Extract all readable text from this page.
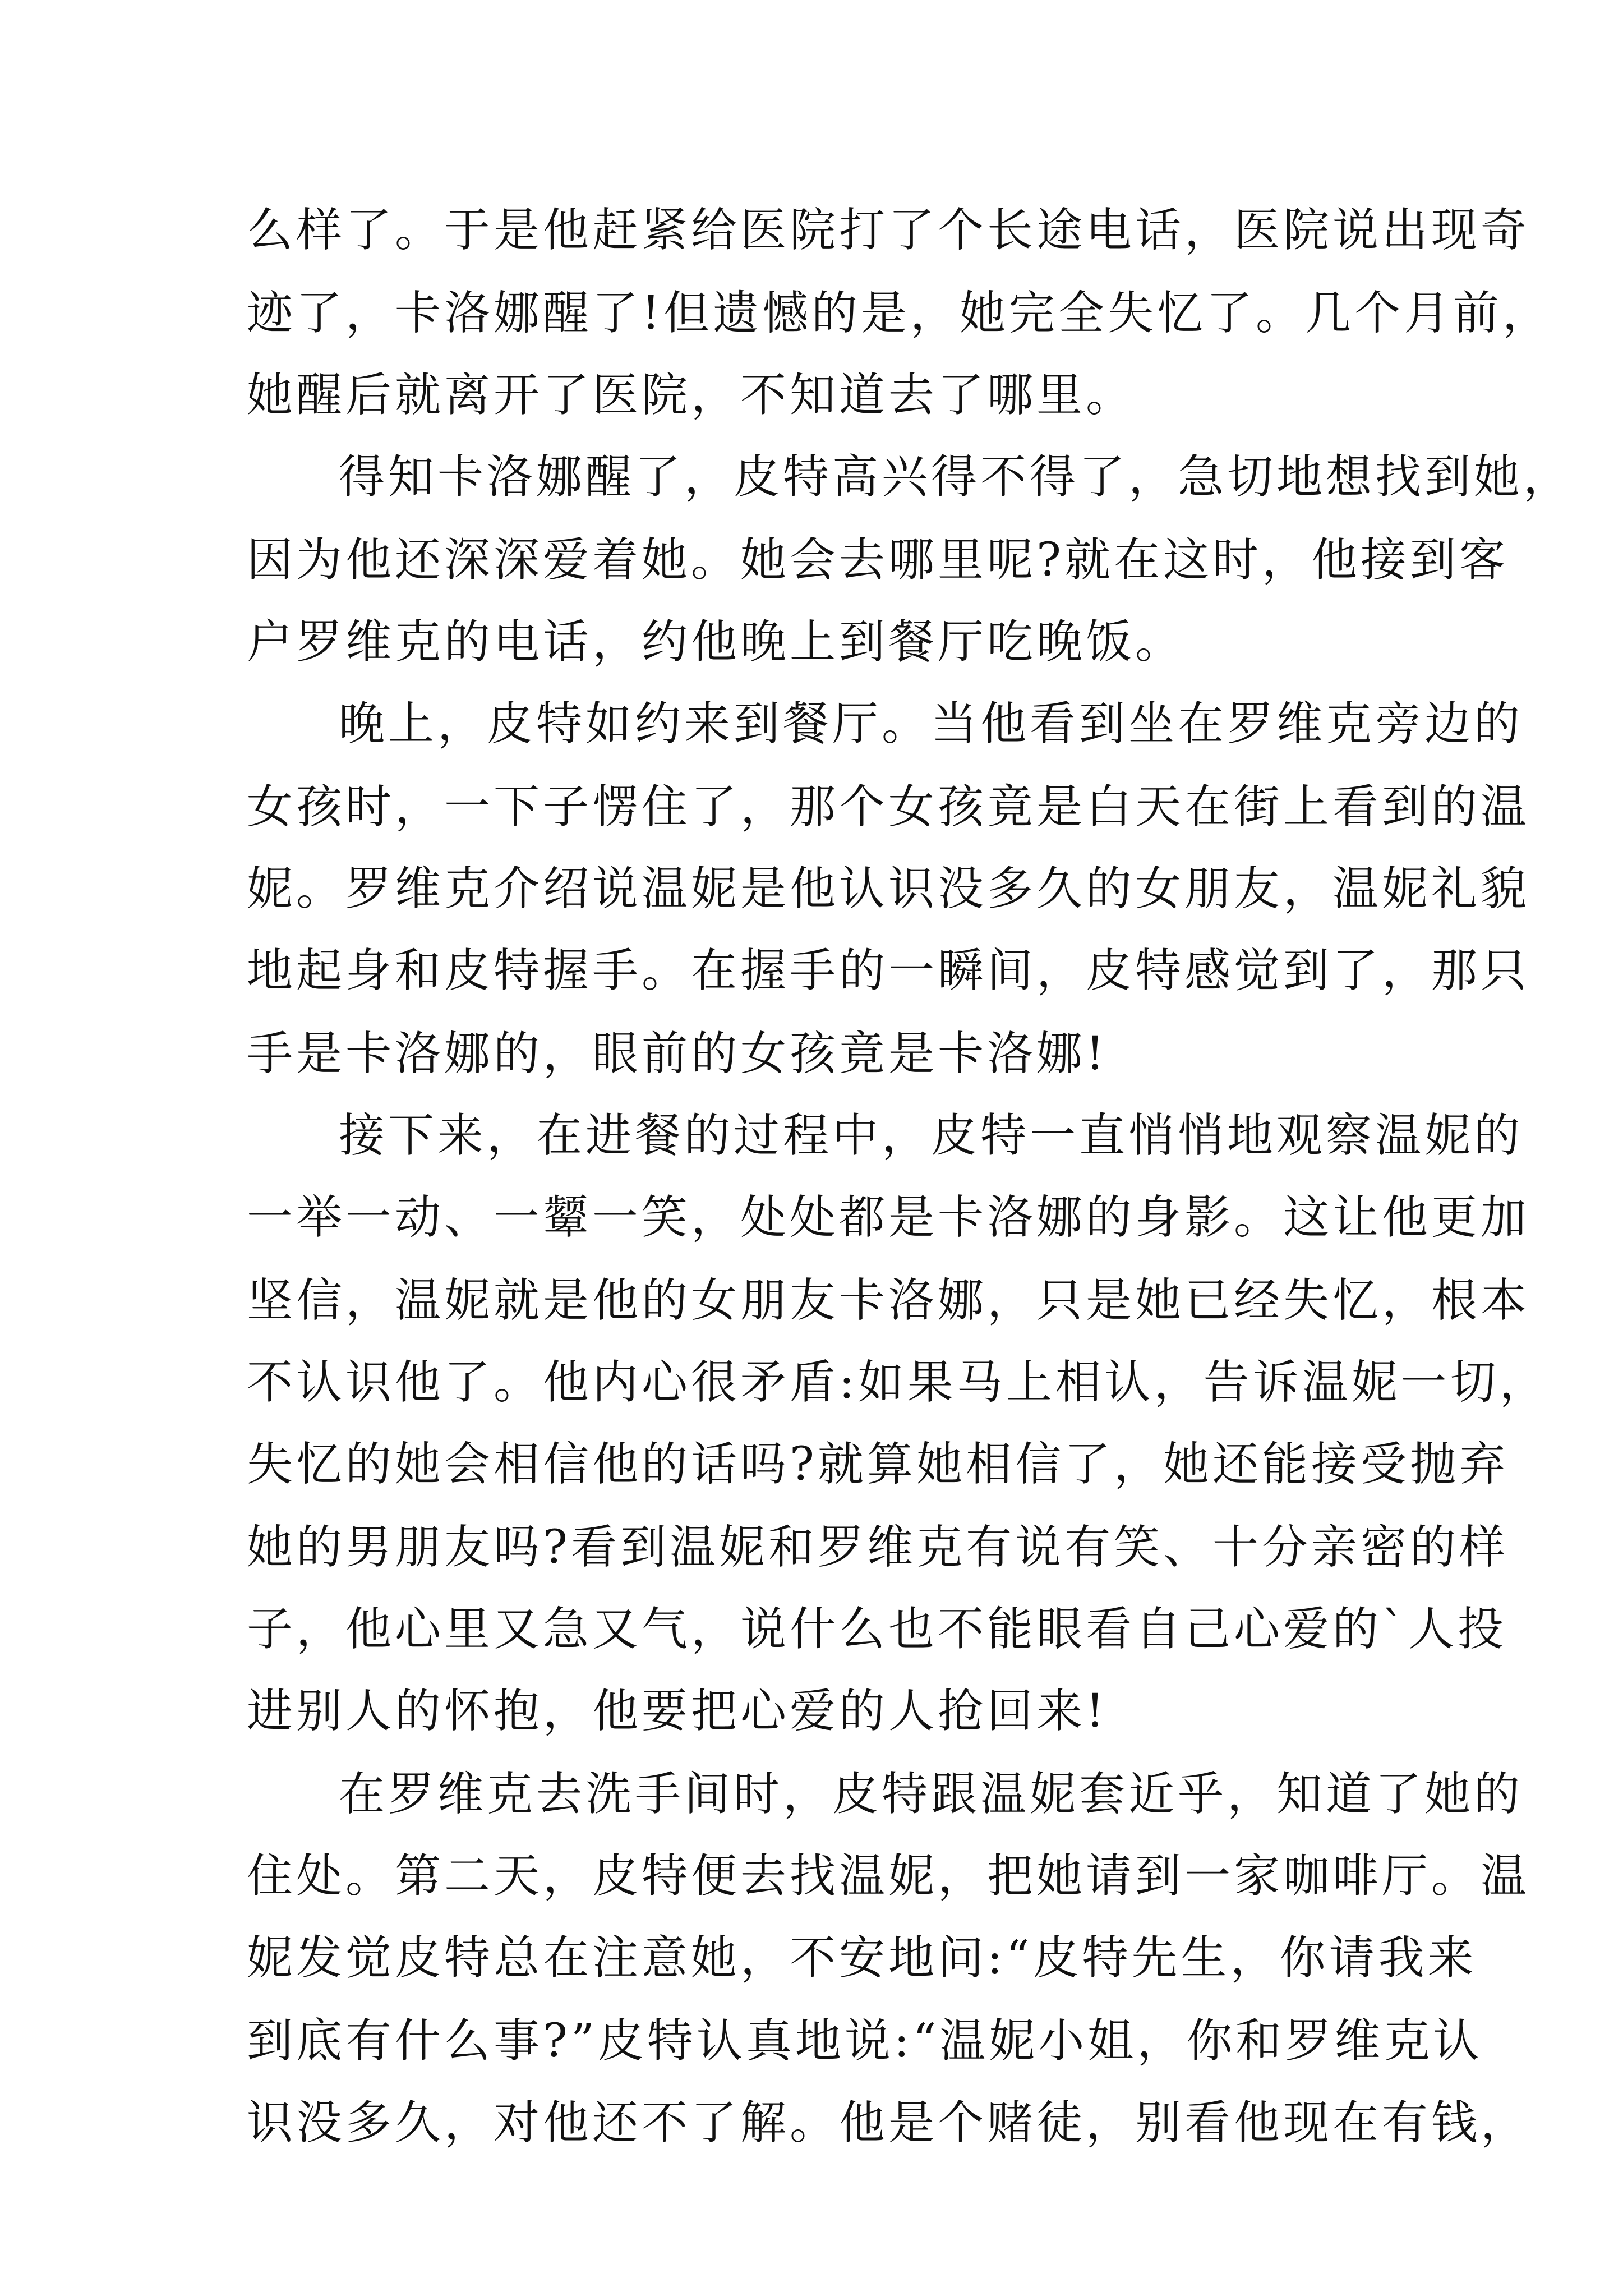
么样了。于是他赶紧给医院打了个长途电话，医院说出现奇
迹了，卡洛娜醒了!但遗憾的是，她完全失忆了。几个月前，
她醒后就离开了医院，不知道去了哪里。
得知卡洛娜醒了，皮特高兴得不得了，急切地想找到她，
因为他还深深爱着她。她会去哪里呢?就在这时，他接到客
户罗维克的电话，约他晚上到餐厅吃晚饭。
晚上，皮特如约来到餐厅。当他看到坐在罗维克旁边的
女孩时，一下子愣住了，那个女孩竟是白天在街上看到的温
妮。罗维克介绍说温妮是他认识没多久的女朋友，温妮礼貌
地起身和皮特握手。在握手的一瞬间，皮特感觉到了，那只
手是卡洛娜的，眼前的女孩竟是卡洛娜!
接下来，在进餐的过程中，皮特一直悄悄地观察温妮的
一举一动、一颦一笑，处处都是卡洛娜的身影。这让他更加
坚信，温妮就是他的女朋友卡洛娜，只是她已经失忆，根本
不认识他了。他内心很矛盾:如果马上相认，告诉温妮一切，
失忆的她会相信他的话吗?就算她相信了，她还能接受抛弃
她的男朋友吗?看到温妮和罗维克有说有笑、十分亲密的样
子，他心里又急又气，说什么也不能眼看自己心爱的`人投
进别人的怀抱，他要把心爱的人抢回来!
在罗维克去洗手间时，皮特跟温妮套近乎，知道了她的
住处。第二天，皮特便去找温妮，把她请到一家咖啡厅。温
妮发觉皮特总在注意她，不安地问:“皮特先生，你请我来
到底有什么事?”皮特认真地说:“温妮小姐，你和罗维克认
识没多久，对他还不了解。他是个赌徒，别看他现在有钱，
